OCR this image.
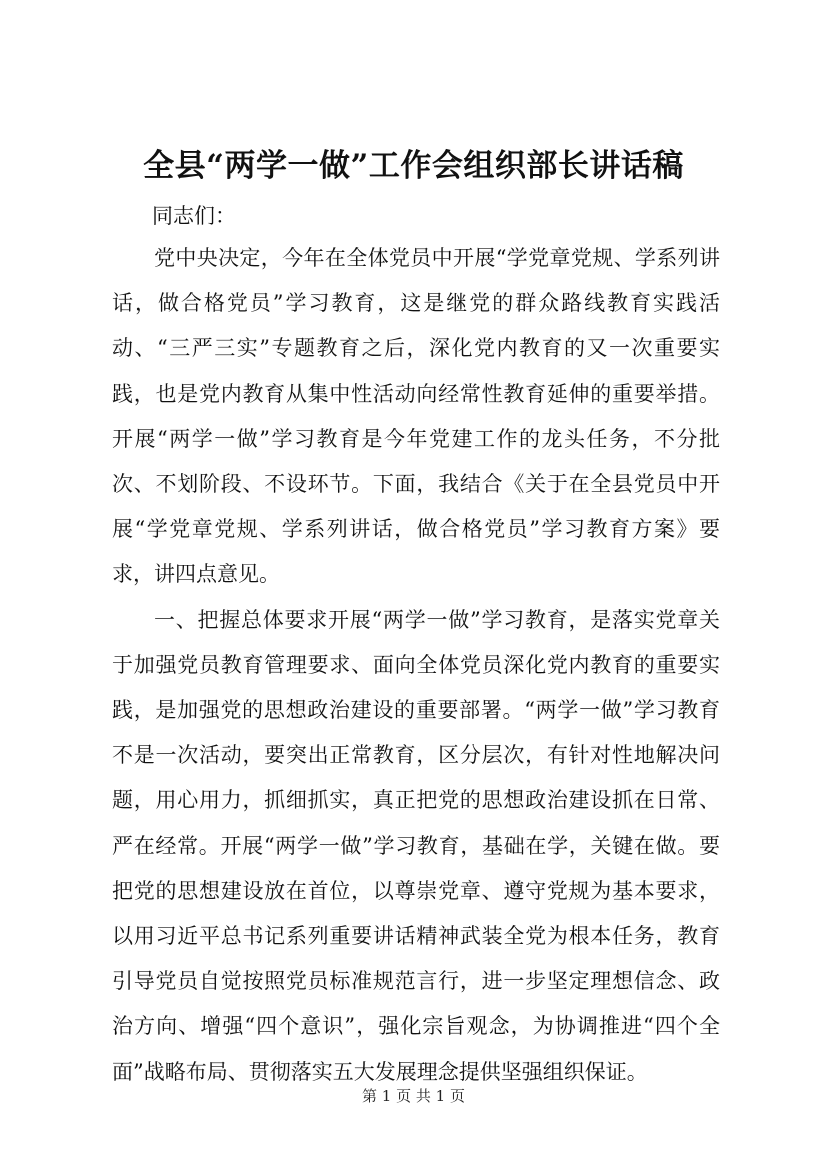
全县“两学一做”工作会组织部长讲话稿

同志们：

党中央决定，今年在全体党员中开展“学党章党规、学系列讲话，做合格党员”学习教育，这是继党的群众路线教育实践活动、“三严三实”专题教育之后，深化党内教育的又一次重要实践，也是党内教育从集中性活动向经常性教育延伸的重要举措。开展“两学一做”学习教育是今年党建工作的龙头任务，不分批次、不划阶段、不设环节。下面，我结合《关于在全县党员中开展“学党章党规、学系列讲话，做合格党员”学习教育方案》要求，讲四点意见。

一、把握总体要求开展“两学一做”学习教育，是落实党章关于加强党员教育管理要求、面向全体党员深化党内教育的重要实践，是加强党的思想政治建设的重要部署。“两学一做”学习教育不是一次活动，要突出正常教育，区分层次，有针对性地解决问题，用心用力，抓细抓实，真正把党的思想政治建设抓在日常、严在经常。开展“两学一做”学习教育，基础在学，关键在做。要把党的思想建设放在首位，以尊崇党章、遵守党规为基本要求，以用习近平总书记系列重要讲话精神武装全党为根本任务，教育引导党员自觉按照党员标准规范言行，进一步坚定理想信念、政治方向、增强“四个意识”，强化宗旨观念，为协调推进“四个全面”战略布局、贯彻落实五大发展理念提供坚强组织保证。

第 1 页 共 1 页
